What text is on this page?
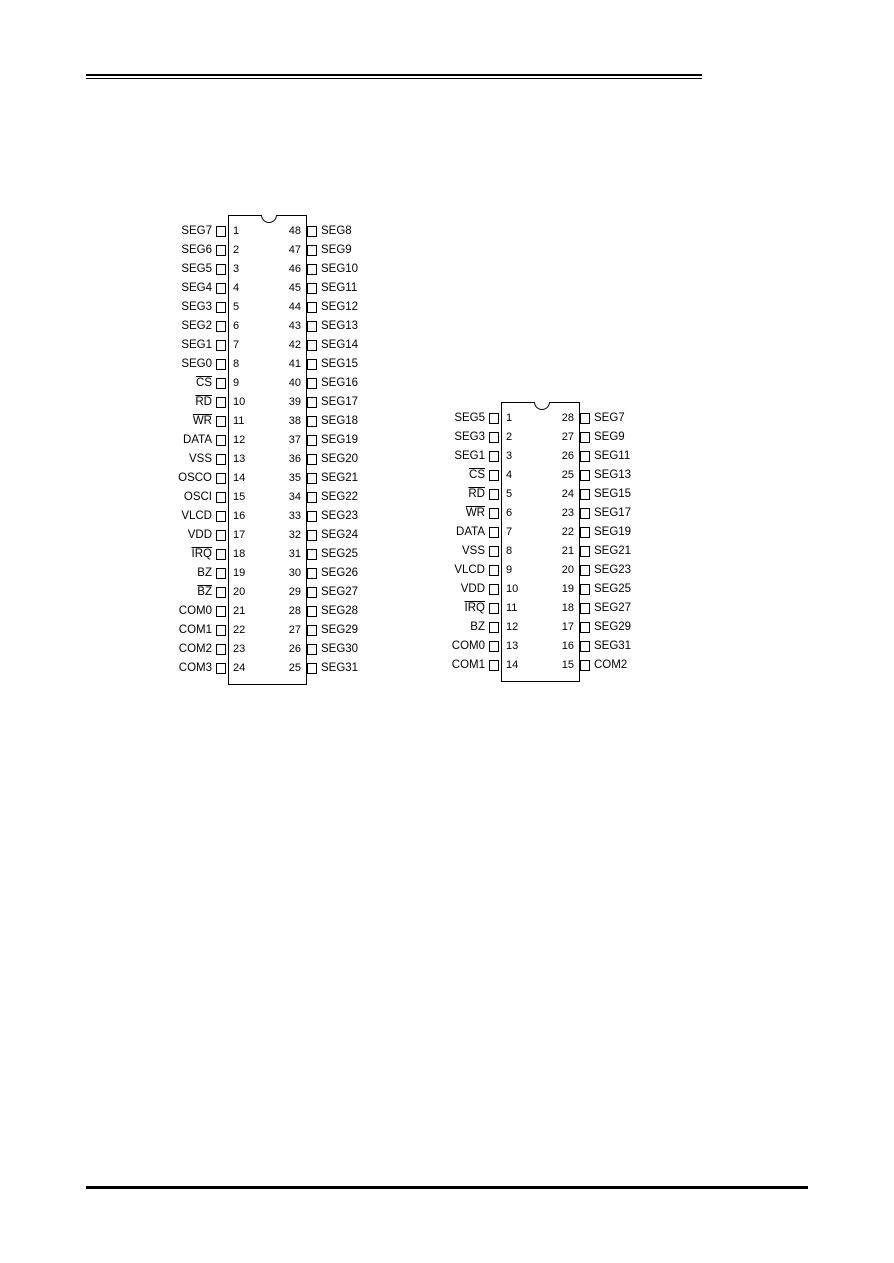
SEG7 1
SEG6 2
SEG5 3
SEG4 4
SEG3 5
SEG2 6
SEG1 7
SEG0 8
$\overline{CS}$ 9
$\overline{RD}$ 10
$\overline{WR}$ 11
DATA 12
VSS 13
OSCO 14
OSCI 15
VLCD 16
VDD 17
$\overline{IRQ}$ 18
BZ 19
$\overline{BZ}$ 20
COM0 21
COM1 22
COM2 23
COM3 24
48 SEG8
47 SEG9
46 SEG10
45 SEG11
44 SEG12
43 SEG13
42 SEG14
41 SEG15
40 SEG16
39 SEG17
38 SEG18
37 SEG19
36 SEG20
35 SEG21
34 SEG22
33 SEG23
32 SEG24
31 SEG25
30 SEG26
29 SEG27
28 SEG28
27 SEG29
26 SEG30
25 SEG31
SEG5 1
SEG3 2
SEG1 3
$\overline{CS}$ 4
$\overline{RD}$ 5
$\overline{WR}$ 6
DATA 7
VSS 8
VLCD 9
VDD 10
$\overline{IRQ}$ 11
BZ 12
COM0 13
COM1 14
28 SEG7
27 SEG9
26 SEG11
25 SEG13
24 SEG15
23 SEG17
22 SEG19
21 SEG21
20 SEG23
19 SEG25
18 SEG27
17 SEG29
16 SEG31
15 COM2
